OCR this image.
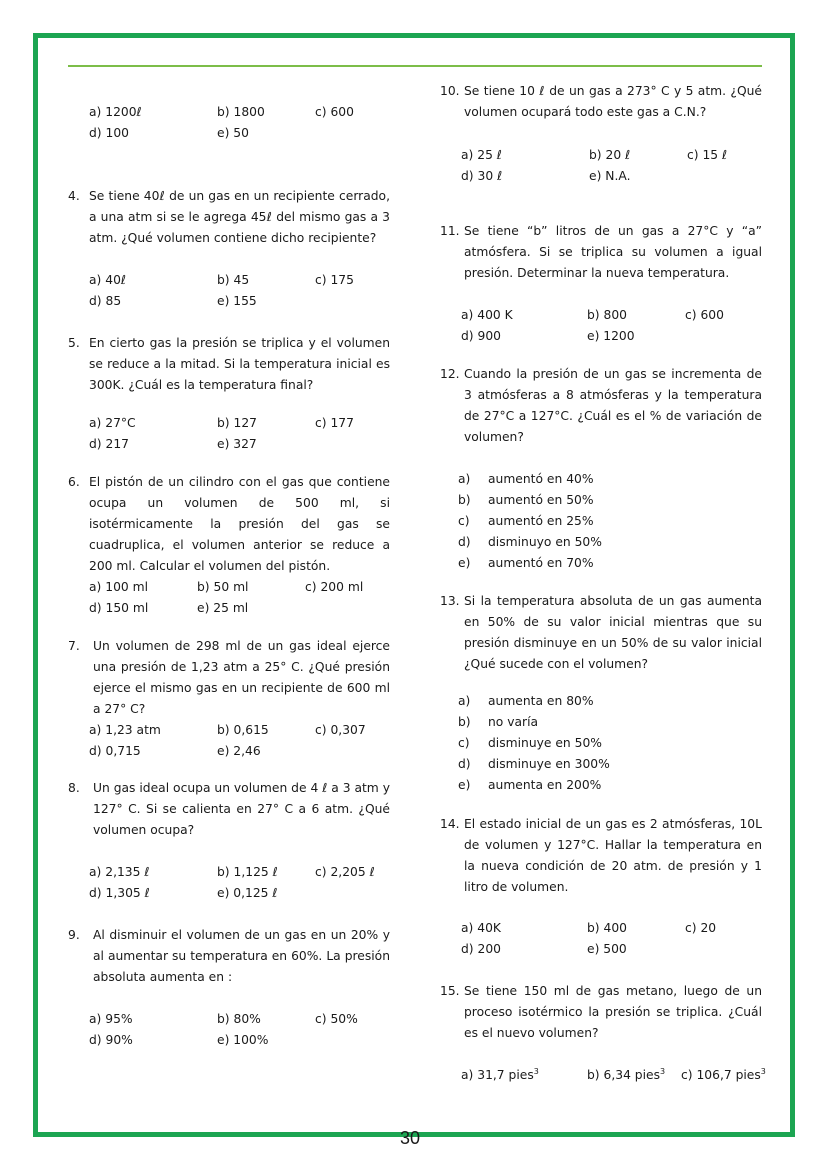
a) 1200ℓ	b) 1800	c) 600
d) 100	e) 50
4. Se tiene 40ℓ de un gas en un recipiente cerrado, a una atm si se le agrega 45ℓ del mismo gas a 3 atm. ¿Qué volumen contiene dicho recipiente?
a) 40ℓ	b) 45	c) 175
d) 85	e) 155
5. En cierto gas la presión se triplica y el volumen se reduce a la mitad. Si la temperatura inicial es 300K. ¿Cuál es la temperatura final?
a) 27°C	b) 127	c) 177
d) 217	e) 327
6. El pistón de un cilindro con el gas que contiene ocupa un volumen de 500 ml, si isotérmicamente la presión del gas se cuadruplica, el volumen anterior se reduce a 200 ml. Calcular el volumen del pistón.
a) 100 ml	b) 50 ml	c) 200 ml
d) 150 ml	e) 25 ml
7. Un volumen de 298 ml de un gas ideal ejerce una presión de 1,23 atm a 25° C. ¿Qué presión ejerce el mismo gas en un recipiente de 600 ml a 27° C?
a) 1,23 atm	b) 0,615	c) 0,307
d) 0,715	e) 2,46
8. Un gas ideal ocupa un volumen de 4 ℓ a 3 atm y 127° C. Si se calienta en 27° C a 6 atm. ¿Qué volumen ocupa?
a) 2,135 ℓ	b) 1,125 ℓ	c) 2,205 ℓ
d) 1,305 ℓ	e) 0,125 ℓ
9. Al disminuir el volumen de un gas en un 20% y al aumentar su temperatura en 60%. La presión absoluta aumenta en :
a) 95%	b) 80%	c) 50%
d) 90%	e) 100%
10. Se tiene 10 ℓ de un gas a 273° C y 5 atm. ¿Qué volumen ocupará todo este gas a C.N.?
a) 25 ℓ	b) 20 ℓ	c) 15 ℓ
d) 30 ℓ	e) N.A.
11. Se tiene “b” litros de un gas a 27°C y “a” atmósfera. Si se triplica su volumen a igual presión. Determinar la nueva temperatura.
a) 400 K	b) 800	c) 600
d) 900	e) 1200
12. Cuando la presión de un gas se incrementa de 3 atmósferas a 8 atmósferas y la temperatura de 27°C a 127°C. ¿Cuál es el % de variación de volumen?
a) aumentó en 40%
b) aumentó en 50%
c) aumentó en 25%
d) disminuyo en 50%
e) aumentó en 70%
13. Si la temperatura absoluta de un gas aumenta en 50% de su valor inicial mientras que su presión disminuye en un 50% de su valor inicial ¿Qué sucede con el volumen?
a) aumenta en 80%
b) no varía
c) disminuye en 50%
d) disminuye en 300%
e) aumenta en 200%
14. El estado inicial de un gas es 2 atmósferas, 10L de volumen y 127°C. Hallar la temperatura en la nueva condición de 20 atm. de presión y 1 litro de volumen.
a) 40K	b) 400	c) 20
d) 200	e) 500
15. Se tiene 150 ml de gas metano, luego de un proceso isotérmico la presión se triplica. ¿Cuál es el nuevo volumen?
a) 31,7 pies$^3$	b) 6,34 pies$^3$ c) 106,7 pies$^3$
30
